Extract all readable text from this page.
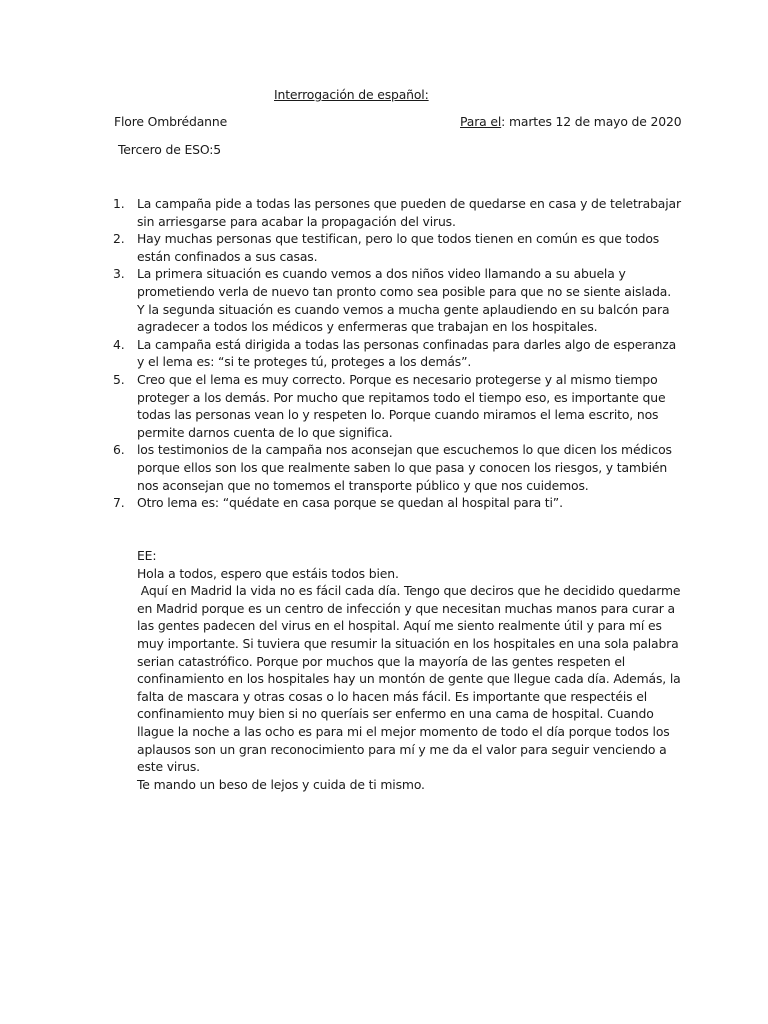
Interrogación de español:
Flore Ombrédanne	Para el: martes 12 de mayo de 2020
Tercero de ESO:5
1. La campaña pide a todas las persones que pueden de quedarse en casa y de teletrabajar sin arriesgarse para acabar la propagación del virus.
2. Hay muchas personas que testifican, pero lo que todos tienen en común es que todos están confinados a sus casas.
3. La primera situación es cuando vemos a dos niños video llamando a su abuela y prometiendo verla de nuevo tan pronto como sea posible para que no se siente aislada. Y la segunda situación es cuando vemos a mucha gente aplaudiendo en su balcón para agradecer a todos los médicos y enfermeras que trabajan en los hospitales.
4. La campaña está dirigida a todas las personas confinadas para darles algo de esperanza y el lema es: “si te proteges tú, proteges a los demás”.
5. Creo que el lema es muy correcto. Porque es necesario protegerse y al mismo tiempo proteger a los demás. Por mucho que repitamos todo el tiempo eso, es importante que todas las personas vean lo y respeten lo. Porque cuando miramos el lema escrito, nos permite darnos cuenta de lo que significa.
6. los testimonios de la campaña nos aconsejan que escuchemos lo que dicen los médicos porque ellos son los que realmente saben lo que pasa y conocen los riesgos, y también nos aconsejan que no tomemos el transporte público y que nos cuidemos.
7. Otro lema es: “quédate en casa porque se quedan al hospital para ti”.

EE:

Hola a todos, espero que estáis todos bien.

Aquí en Madrid la vida no es fácil cada día. Tengo que deciros que he decidido quedarme en Madrid porque es un centro de infección y que necesitan muchas manos para curar a las gentes padecen del virus en el hospital. Aquí me siento realmente útil y para mí es muy importante. Si tuviera que resumir la situación en los hospitales en una sola palabra serian catastrófico. Porque por muchos que la mayoría de las gentes respeten el confinamiento en los hospitales hay un montón de gente que llegue cada día. Además, la falta de mascara y otras cosas o lo hacen más fácil. Es importante que respectéis el confinamiento muy bien si no queríais ser enfermo en una cama de hospital. Cuando llague la noche a las ocho es para mi el mejor momento de todo el día porque todos los aplausos son un gran reconocimiento para mí y me da el valor para seguir venciendo a este virus.

Te mando un beso de lejos y cuida de ti mismo.
